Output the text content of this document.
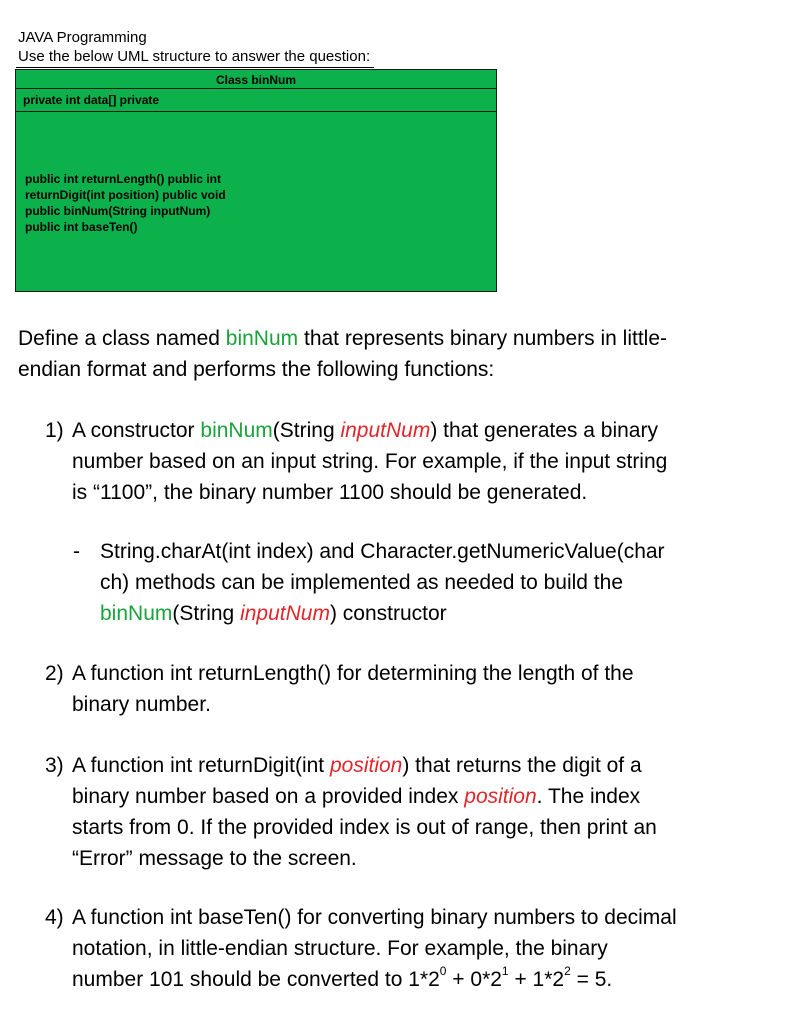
JAVA Programming
Use the below UML structure to answer the question:
Class binNum
private int data[] private
public int returnLength() public int
returnDigit(int position) public void
public binNum(String inputNum)
public int baseTen()
Define a class named binNum that represents binary numbers in little-
endian format and performs the following functions:
1) A constructor binNum(String inputNum) that generates a binary
number based on an input string. For example, if the input string
is “1100”, the binary number 1100 should be generated.
- String.charAt(int index) and Character.getNumericValue(char
ch) methods can be implemented as needed to build the
binNum(String inputNum) constructor
2) A function int returnLength() for determining the length of the
binary number.
3) A function int returnDigit(int position) that returns the digit of a
binary number based on a provided index position. The index
starts from 0. If the provided index is out of range, then print an
“Error” message to the screen.
4) A function int baseTen() for converting binary numbers to decimal
notation, in little-endian structure. For example, the binary
number 101 should be converted to $1*2^0 + 0*2^1 + 1*2^2 = 5$.
